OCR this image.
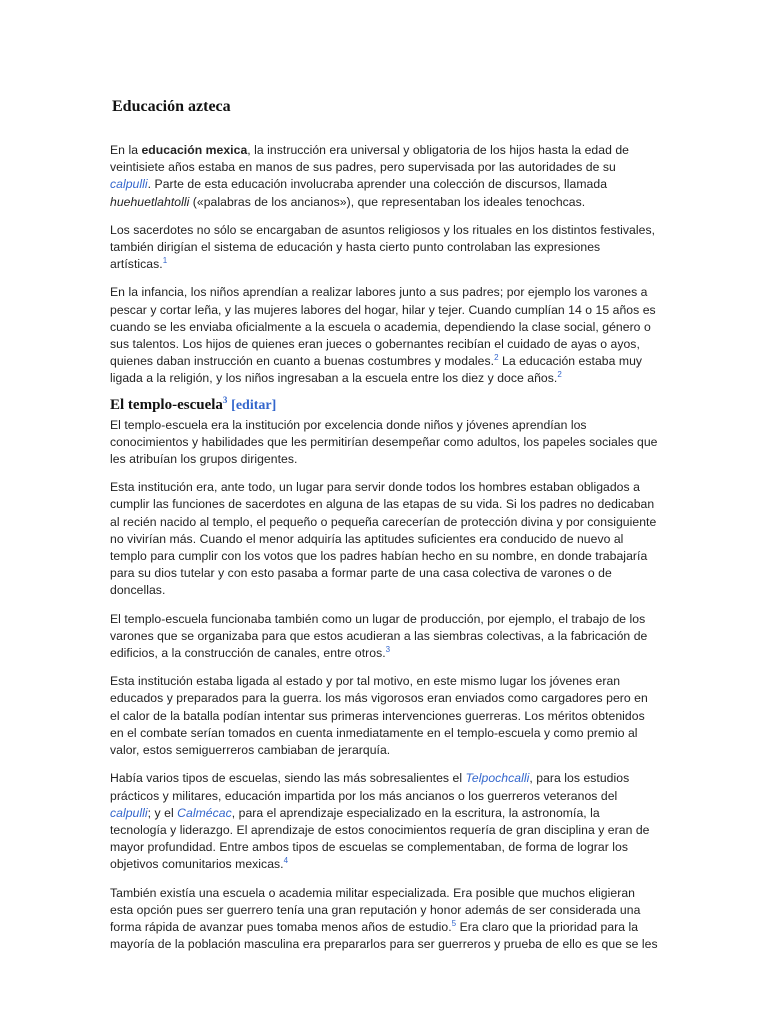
Educación azteca

En la educación mexica, la instrucción era universal y obligatoria de los hijos hasta la edad de veintisiete años estaba en manos de sus padres, pero supervisada por las autoridades de su calpulli. Parte de esta educación involucraba aprender una colección de discursos, llamada huehuetlahtolli («palabras de los ancianos»), que representaban los ideales tenochcas.

Los sacerdotes no sólo se encargaban de asuntos religiosos y los rituales en los distintos festivales, también dirigían el sistema de educación y hasta cierto punto controlaban las expresiones artísticas.$^1$

En la infancia, los niños aprendían a realizar labores junto a sus padres; por ejemplo los varones a pescar y cortar leña, y las mujeres labores del hogar, hilar y tejer. Cuando cumplían 14 o 15 años es cuando se les enviaba oficialmente a la escuela o academia, dependiendo la clase social, género o sus talentos. Los hijos de quienes eran jueces o gobernantes recibían el cuidado de ayas o ayos, quienes daban instrucción en cuanto a buenas costumbres y modales.$^2$ La educación estaba muy ligada a la religión, y los niños ingresaban a la escuela entre los diez y doce años.$^2$

El templo-escuela$^3$ [editar]

El templo-escuela era la institución por excelencia donde niños y jóvenes aprendían los conocimientos y habilidades que les permitirían desempeñar como adultos, los papeles sociales que les atribuían los grupos dirigentes.

Esta institución era, ante todo, un lugar para servir donde todos los hombres estaban obligados a cumplir las funciones de sacerdotes en alguna de las etapas de su vida. Si los padres no dedicaban al recién nacido al templo, el pequeño o pequeña carecerían de protección divina y por consiguiente no vivirían más. Cuando el menor adquiría las aptitudes suficientes era conducido de nuevo al templo para cumplir con los votos que los padres habían hecho en su nombre, en donde trabajaría para su dios tutelar y con esto pasaba a formar parte de una casa colectiva de varones o de doncellas.

El templo-escuela funcionaba también como un lugar de producción, por ejemplo, el trabajo de los varones que se organizaba para que estos acudieran a las siembras colectivas, a la fabricación de edificios, a la construcción de canales, entre otros.$^3$

Esta institución estaba ligada al estado y por tal motivo, en este mismo lugar los jóvenes eran educados y preparados para la guerra. los más vigorosos eran enviados como cargadores pero en el calor de la batalla podían intentar sus primeras intervenciones guerreras. Los méritos obtenidos en el combate serían tomados en cuenta inmediatamente en el templo-escuela y como premio al valor, estos semiguerreros cambiaban de jerarquía.

Había varios tipos de escuelas, siendo las más sobresalientes el Telpochcalli, para los estudios prácticos y militares, educación impartida por los más ancianos o los guerreros veteranos del calpulli; y el Calmécac, para el aprendizaje especializado en la escritura, la astronomía, la tecnología y liderazgo. El aprendizaje de estos conocimientos requería de gran disciplina y eran de mayor profundidad. Entre ambos tipos de escuelas se complementaban, de forma de lograr los objetivos comunitarios mexicas.$^4$

También existía una escuela o academia militar especializada. Era posible que muchos eligieran esta opción pues ser guerrero tenía una gran reputación y honor además de ser considerada una forma rápida de avanzar pues tomaba menos años de estudio.$^5$ Era claro que la prioridad para la mayoría de la población masculina era prepararlos para ser guerreros y prueba de ello es que se les
